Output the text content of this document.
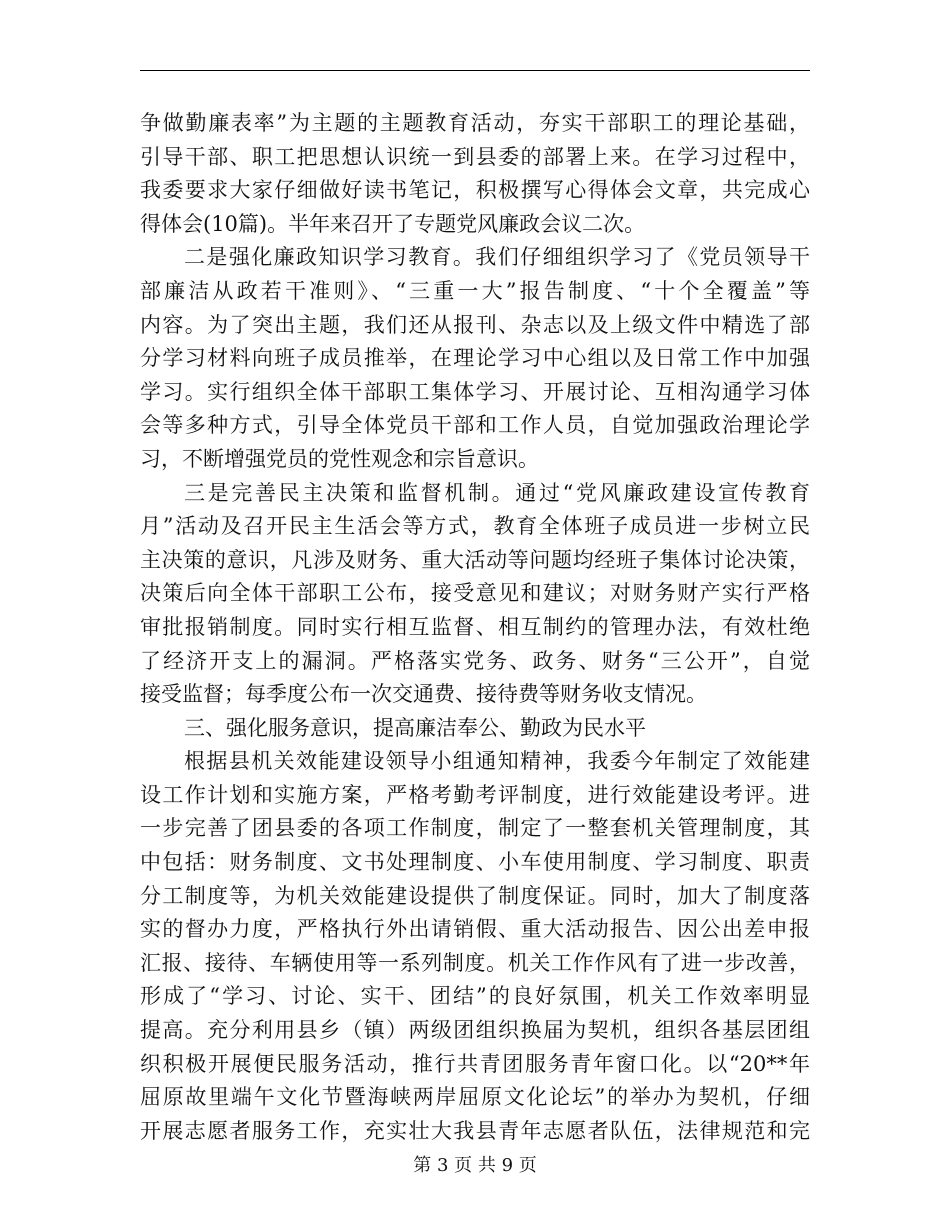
争做勤廉表率”为主题的主题教育活动，夯实干部职工的理论基础，
引导干部、职工把思想认识统一到县委的部署上来。在学习过程中，
我委要求大家仔细做好读书笔记，积极撰写心得体会文章，共完成心
得体会(10篇)。半年来召开了专题党风廉政会议二次。
二是强化廉政知识学习教育。我们仔细组织学习了《党员领导干
部廉洁从政若干准则》、“三重一大”报告制度、“十个全覆盖”等
内容。为了突出主题，我们还从报刊、杂志以及上级文件中精选了部
分学习材料向班子成员推举，在理论学习中心组以及日常工作中加强
学习。实行组织全体干部职工集体学习、开展讨论、互相沟通学习体
会等多种方式，引导全体党员干部和工作人员，自觉加强政治理论学
习，不断增强党员的党性观念和宗旨意识。
三是完善民主决策和监督机制。通过“党风廉政建设宣传教育
月”活动及召开民主生活会等方式，教育全体班子成员进一步树立民
主决策的意识，凡涉及财务、重大活动等问题均经班子集体讨论决策，
决策后向全体干部职工公布，接受意见和建议；对财务财产实行严格
审批报销制度。同时实行相互监督、相互制约的管理办法，有效杜绝
了经济开支上的漏洞。严格落实党务、政务、财务“三公开”，自觉
接受监督；每季度公布一次交通费、接待费等财务收支情况。
三、强化服务意识，提高廉洁奉公、勤政为民水平
根据县机关效能建设领导小组通知精神，我委今年制定了效能建
设工作计划和实施方案，严格考勤考评制度，进行效能建设考评。进
一步完善了团县委的各项工作制度，制定了一整套机关管理制度，其
中包括：财务制度、文书处理制度、小车使用制度、学习制度、职责
分工制度等，为机关效能建设提供了制度保证。同时，加大了制度落
实的督办力度，严格执行外出请销假、重大活动报告、因公出差申报
汇报、接待、车辆使用等一系列制度。机关工作作风有了进一步改善，
形成了“学习、讨论、实干、团结”的良好氛围，机关工作效率明显
提高。充分利用县乡（镇）两级团组织换届为契机，组织各基层团组
织积极开展便民服务活动，推行共青团服务青年窗口化。以“20**年
屈原故里端午文化节暨海峡两岸屈原文化论坛”的举办为契机，仔细
开展志愿者服务工作，充实壮大我县青年志愿者队伍，法律规范和完
第 3 页 共 9 页
